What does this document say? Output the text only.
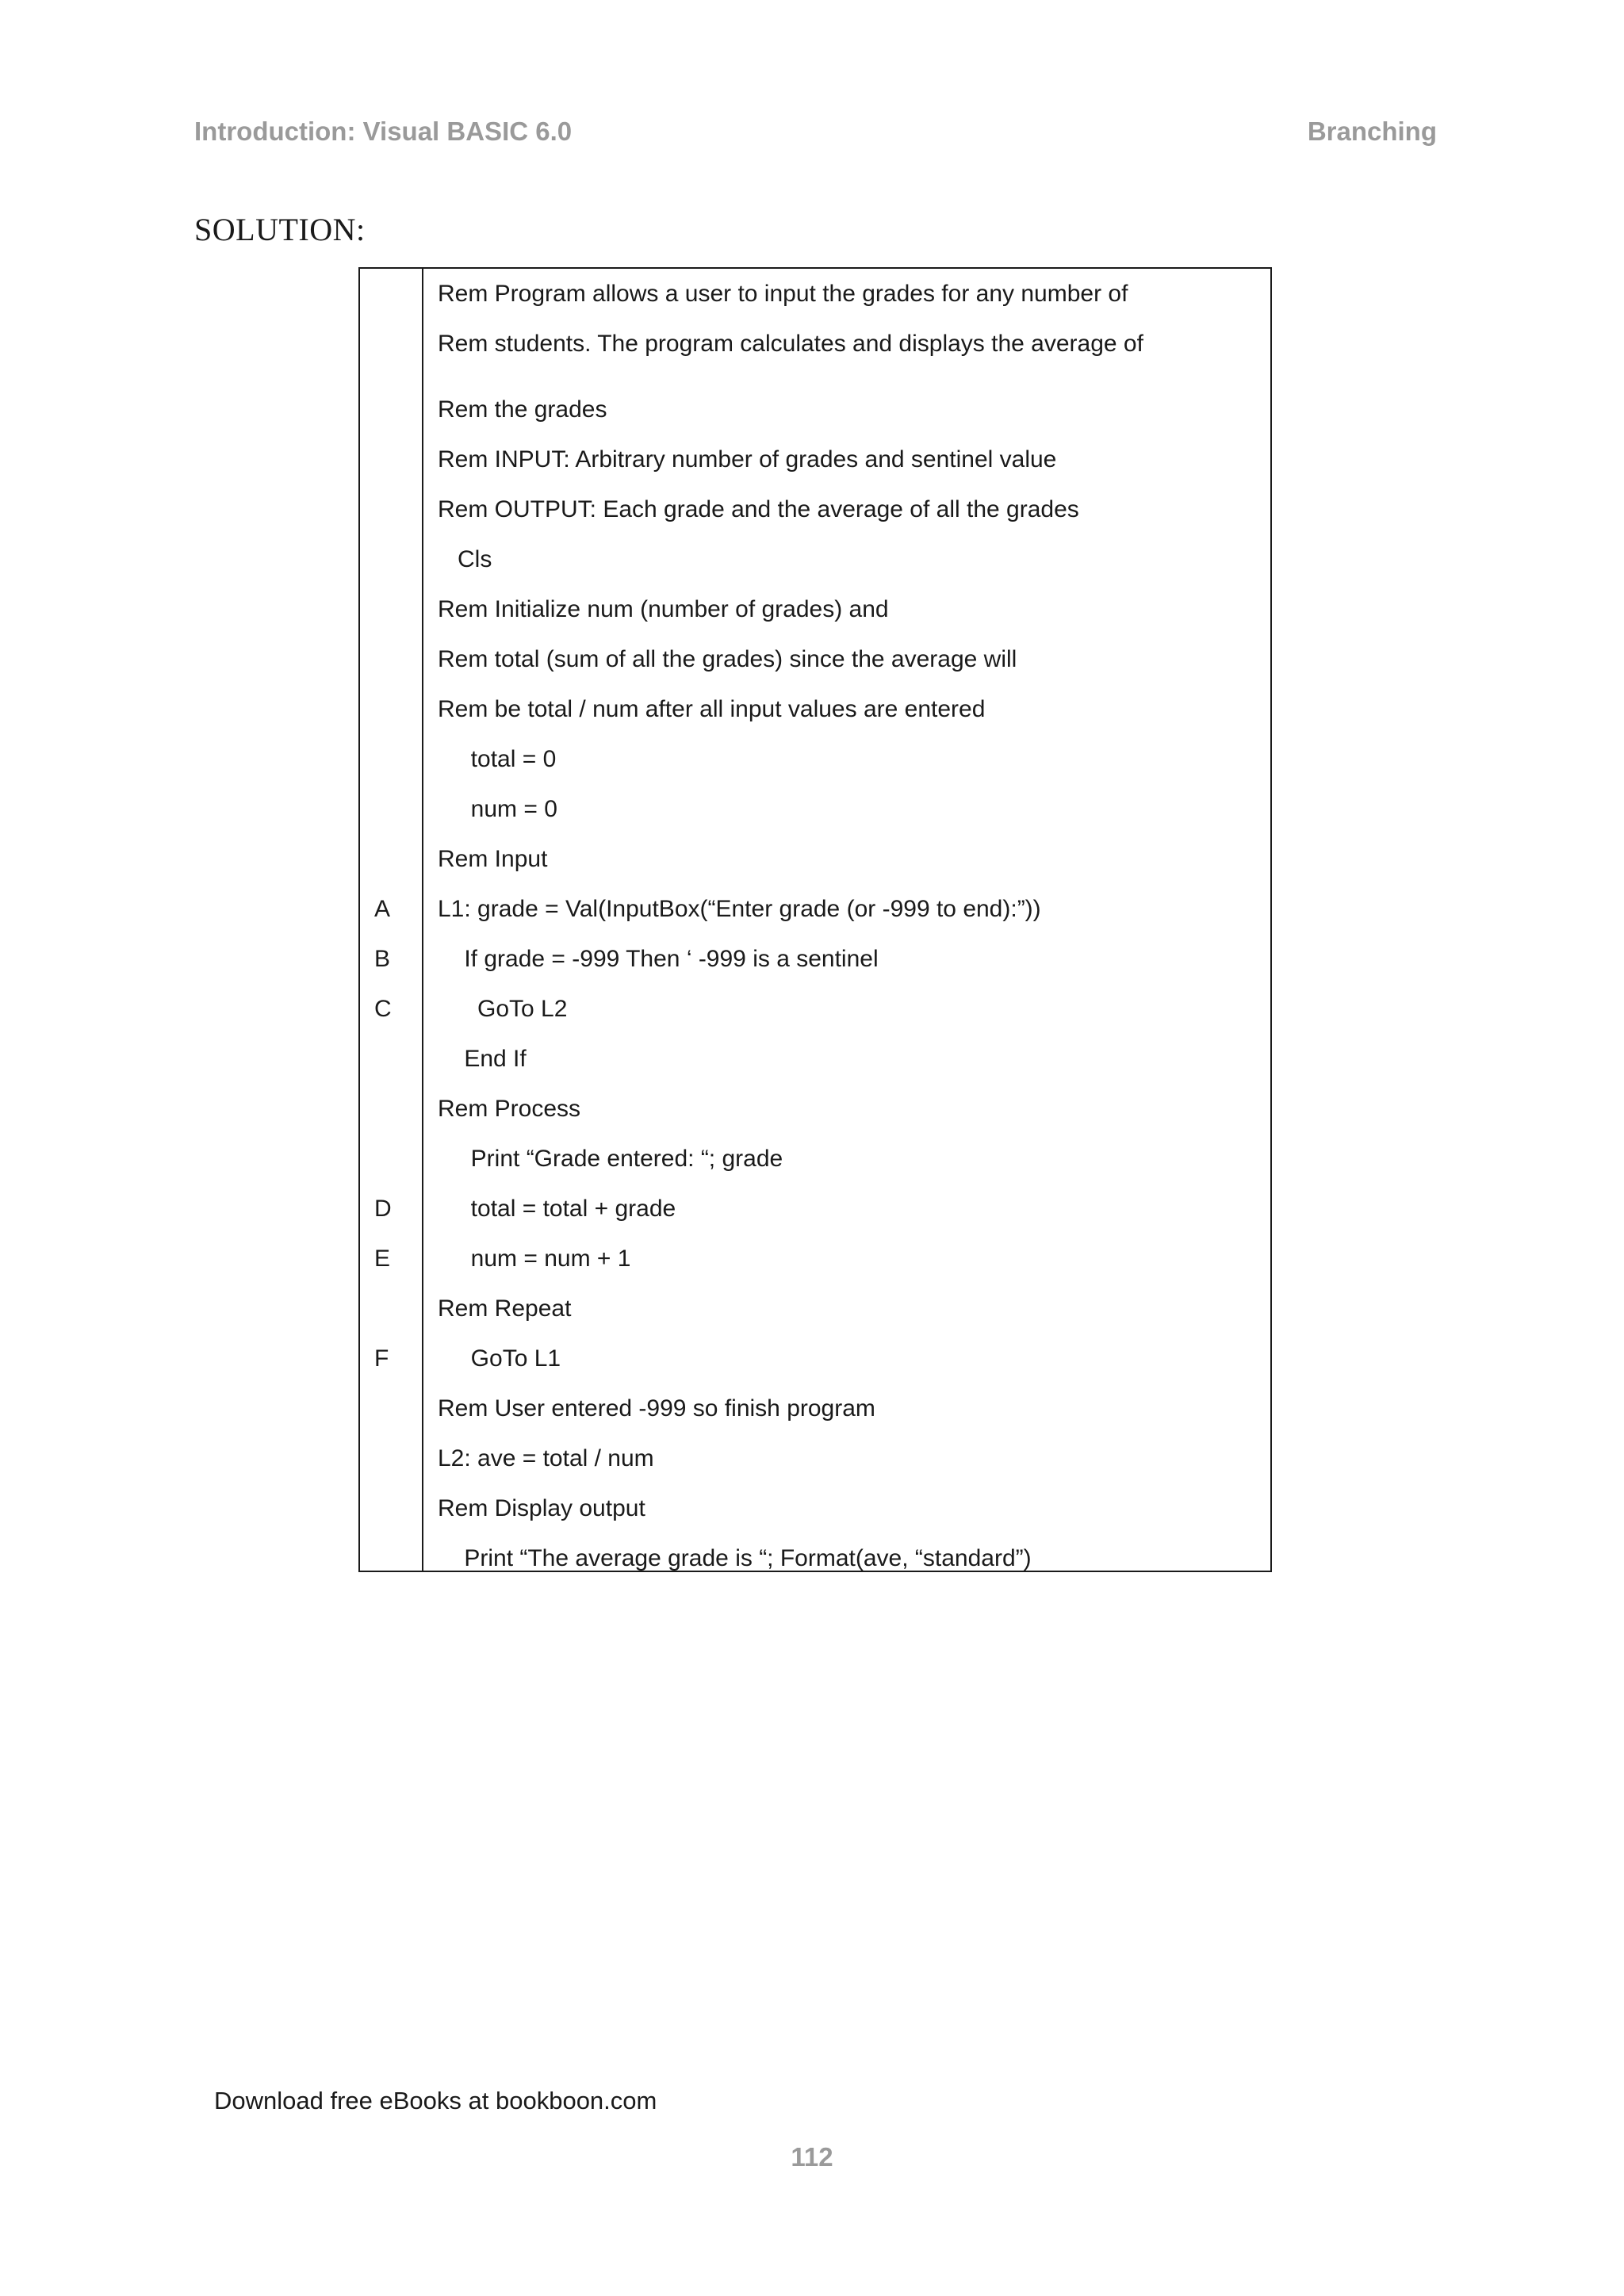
Introduction: Visual BASIC 6.0	Branching
SOLUTION:
Rem Program allows a user to input the grades for any number of
Rem students. The program calculates and displays the average of
Rem the grades
Rem INPUT: Arbitrary number of grades and sentinel value
Rem OUTPUT: Each grade and the average of all the grades
Cls
Rem Initialize num (number of grades) and
Rem total (sum of all the grades) since the average will
Rem be total / num after all input values are entered
total = 0
num = 0
Rem Input
A	L1: grade = Val(InputBox(“Enter grade (or -999 to end):”))
B	If grade = -999 Then ‘ -999 is a sentinel
C	GoTo L2
End If
Rem Process
Print “Grade entered: “; grade
D	total = total + grade
E	num = num + 1
Rem Repeat
F	GoTo L1
Rem User entered -999 so finish program
L2: ave = total / num
Rem Display output
Print “The average grade is “; Format(ave, “standard”)
Download free eBooks at bookboon.com
112
